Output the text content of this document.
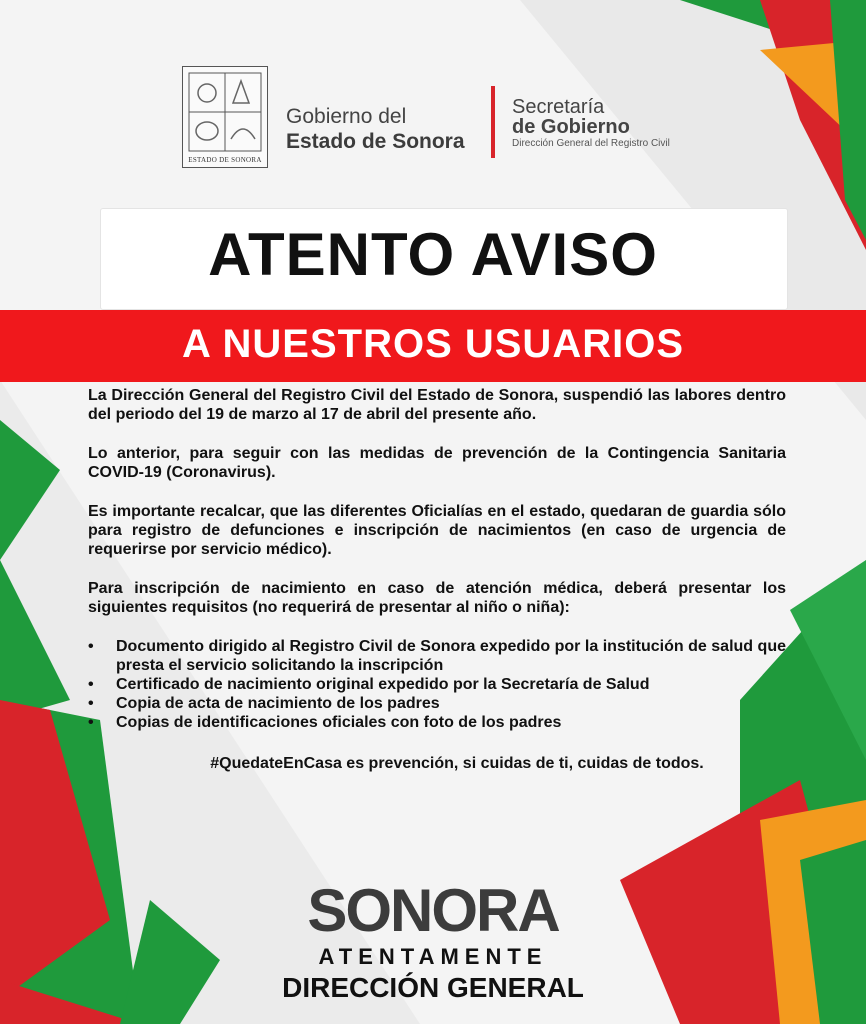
ESTADO DE SONORA
Gobierno del
Estado de Sonora
Secretaría
de Gobierno
Dirección General del Registro Civil
ATENTO AVISO
A NUESTROS USUARIOS

La Dirección General del Registro Civil del Estado de Sonora, suspendió las labores dentro del periodo del 19 de marzo al 17 de abril del presente año.

Lo anterior, para seguir con las medidas de prevención de la Contingencia Sanitaria COVID-19 (Coronavirus).

Es importante recalcar, que las diferentes Oficialías en el estado, quedaran de guardia sólo para registro de defunciones e inscripción de nacimientos (en caso de urgencia de requerirse por servicio médico).

Para inscripción de nacimiento en caso de atención médica, deberá presentar los siguientes requisitos (no requerirá de presentar al niño o niña):

• Documento dirigido al Registro Civil de Sonora expedido por la institución de salud que presta el servicio solicitando la inscripción
• Certificado de nacimiento original expedido por la Secretaría de Salud
• Copia de acta de nacimiento de los padres
• Copias de identificaciones oficiales con foto de los padres
#QuedateEnCasa es prevención, si cuidas de ti, cuidas de todos.
SONORA
ATENTAMENTE
DIRECCIÓN GENERAL
